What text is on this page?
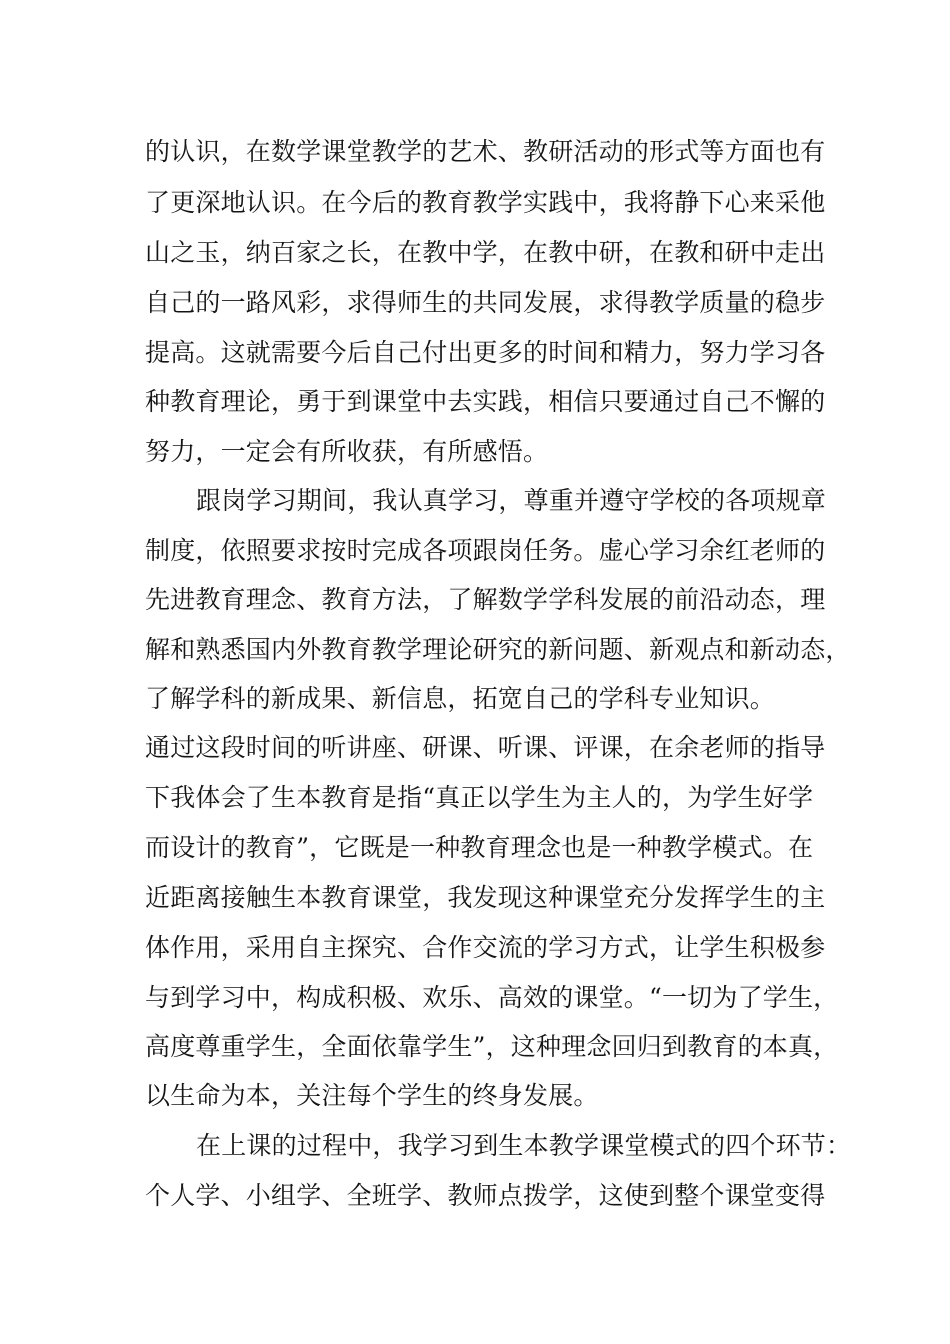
的认识，在数学课堂教学的艺术、教研活动的形式等方面也有
了更深地认识。在今后的教育教学实践中，我将静下心来采他
山之玉，纳百家之长，在教中学，在教中研，在教和研中走出
自己的一路风彩，求得师生的共同发展，求得教学质量的稳步
提高。这就需要今后自己付出更多的时间和精力，努力学习各
种教育理论，勇于到课堂中去实践，相信只要通过自己不懈的
努力，一定会有所收获，有所感悟。
跟岗学习期间，我认真学习，尊重并遵守学校的各项规章
制度，依照要求按时完成各项跟岗任务。虚心学习余红老师的
先进教育理念、教育方法，了解数学学科发展的前沿动态，理
解和熟悉国内外教育教学理论研究的新问题、新观点和新动态，
了解学科的新成果、新信息，拓宽自己的学科专业知识。
通过这段时间的听讲座、研课、听课、评课，在余老师的指导
下我体会了生本教育是指“真正以学生为主人的，为学生好学
而设计的教育”，它既是一种教育理念也是一种教学模式。在
近距离接触生本教育课堂，我发现这种课堂充分发挥学生的主
体作用，采用自主探究、合作交流的学习方式，让学生积极参
与到学习中，构成积极、欢乐、高效的课堂。“一切为了学生，
高度尊重学生，全面依靠学生”，这种理念回归到教育的本真，
以生命为本，关注每个学生的终身发展。
在上课的过程中，我学习到生本教学课堂模式的四个环节：
个人学、小组学、全班学、教师点拨学，这使到整个课堂变得
